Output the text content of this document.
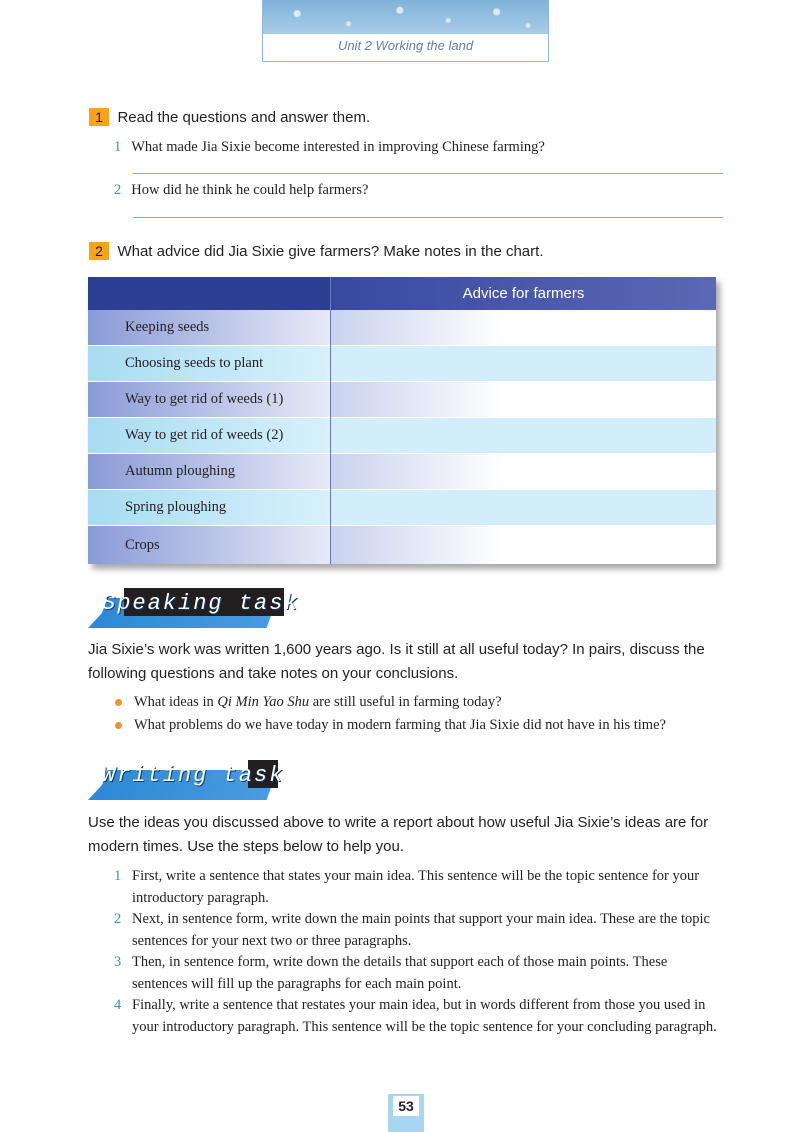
Unit 2 Working the land
1 Read the questions and answer them.
1 What made Jia Sixie become interested in improving Chinese farming?
2 How did he think he could help farmers?
2 What advice did Jia Sixie give farmers? Make notes in the chart.
Advice for farmers
Keeping seeds
Choosing seeds to plant
Way to get rid of weeds (1)
Way to get rid of weeds (2)
Autumn ploughing
Spring ploughing
Crops
Speaking task
Jia Sixie’s work was written 1,600 years ago. Is it still at all useful today? In pairs, discuss the following questions and take notes on your conclusions.
What ideas in Qi Min Yao Shu are still useful in farming today?
What problems do we have today in modern farming that Jia Sixie did not have in his time?
Writing task
Use the ideas you discussed above to write a report about how useful Jia Sixie’s ideas are for modern times. Use the steps below to help you.
1 First, write a sentence that states your main idea. This sentence will be the topic sentence for your introductory paragraph.
2 Next, in sentence form, write down the main points that support your main idea. These are the topic sentences for your next two or three paragraphs.
3 Then, in sentence form, write down the details that support each of those main points. These sentences will fill up the paragraphs for each main point.
4 Finally, write a sentence that restates your main idea, but in words different from those you used in your introductory paragraph. This sentence will be the topic sentence for your concluding paragraph.
53
